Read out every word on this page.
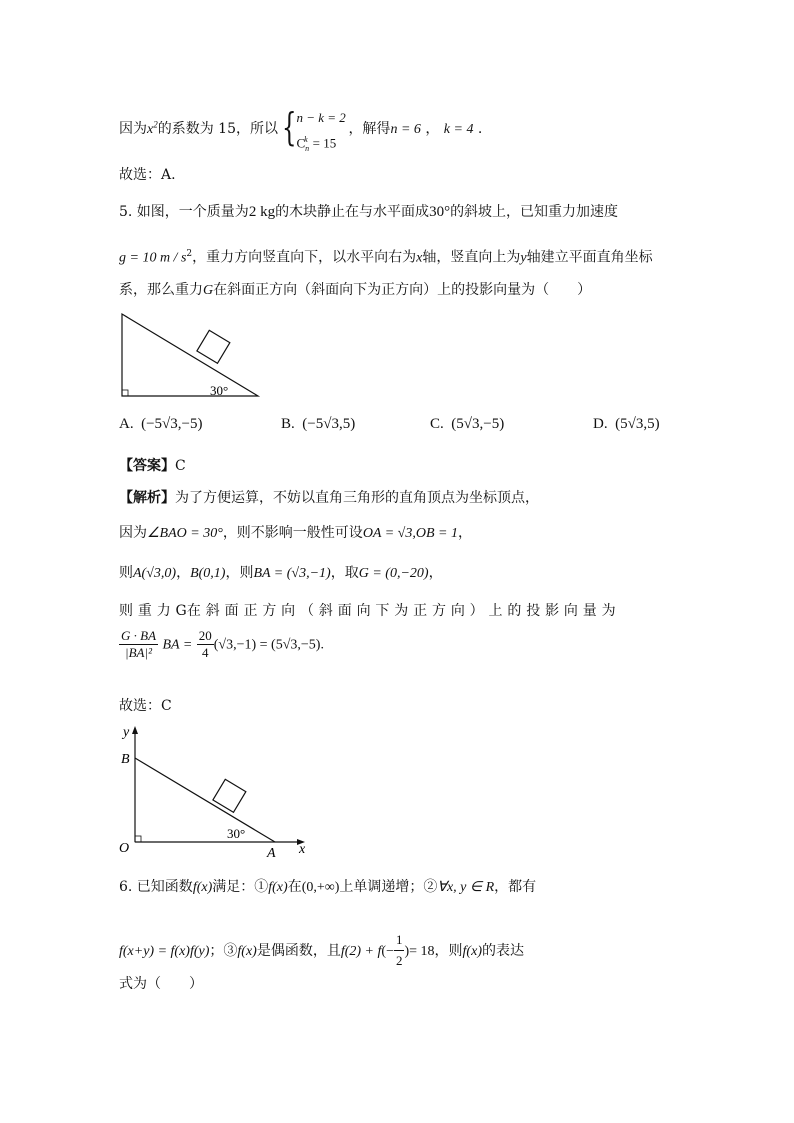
因为$x^2$的系数为 15，所以 { n − k = 2
$C_n^k = 15$
，解得n = 6 ， k = 4 .
故选：A.
5. 如图，一个质量为2 kg的木块静止在与水平面成30°的斜坡上，已知重力加速度
g = 10 m / $s^2$，重力方向竖直向下，以水平向右为x轴，竖直向上为y轴建立平面直角坐标
系，那么重力G在斜面正方向（斜面向下为正方向）上的投影向量为（　　）
30°
A. (−5√3,−5)	B. (−5√3,5)	C. (5√3,−5)	D. (5√3,5)
【答案】C
【解析】为了方便运算，不妨以直角三角形的直角顶点为坐标顶点，
因为∠BAO = 30°，则不影响一般性可设OA = √3,OB = 1，
则A(√3,0)，B(0,1)，则BA = (√3,−1)，取G = (0,−20)，
则 重 力 G在 斜 面 正 方 向 （ 斜 面 向 下 为 正 方 向 ） 上 的 投 影 向 量 为
$\frac{G \cdot BA}{\text{|BA|²}}$ BA = $\frac{20}{4} (√3,-1) = (5√3,-5)$.
故选：C
y
B
O	A x
30°
6. 已知函数f(x)满足：①f(x)在(0,+∞)上单调递增；②∀x, y ∈ R，都有
f(x+y) = f(x)f(y)；③f(x)是偶函数，且$f(2) + f(- \frac{1}{2}$ )= 18，则f(x)的表达
式为（　　）
